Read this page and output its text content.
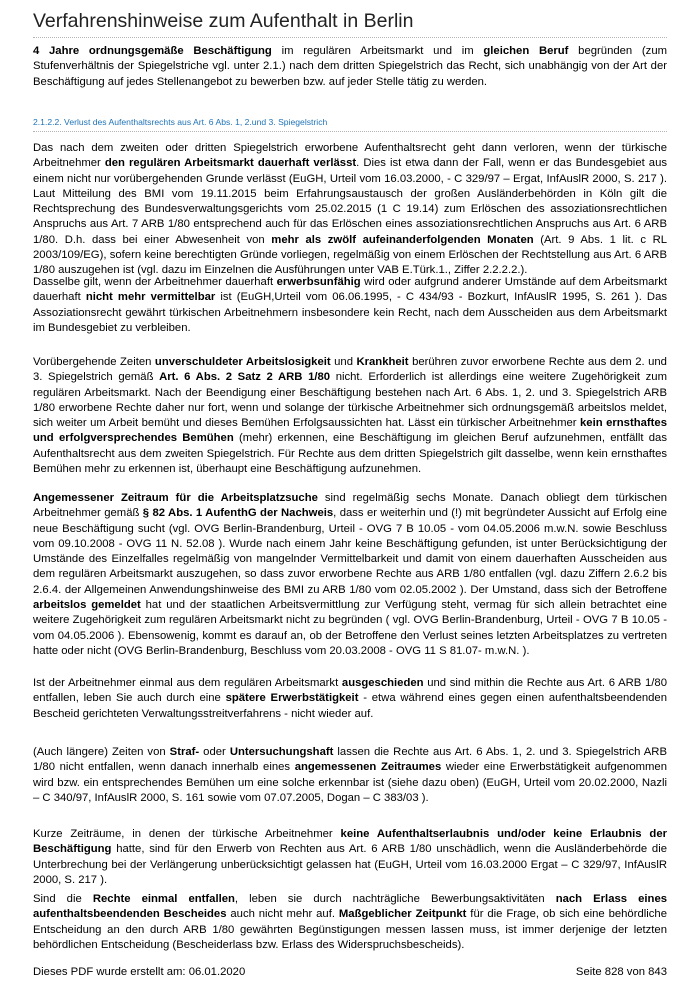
Verfahrenshinweise zum Aufenthalt in Berlin

4 Jahre ordnungsgemäße Beschäftigung im regulären Arbeitsmarkt und im gleichen Beruf begründen (zum Stufenverhältnis der Spiegelstriche vgl. unter 2.1.) nach dem dritten Spiegelstrich das Recht, sich unabhängig von der Art der Beschäftigung auf jedes Stellenangebot zu bewerben bzw. auf jeder Stelle tätig zu werden.

2.1.2.2. Verlust des Aufenthaltsrechts aus Art. 6 Abs. 1, 2.und 3. Spiegelstrich

Das nach dem zweiten oder dritten Spiegelstrich erworbene Aufenthaltsrecht geht dann verloren, wenn der türkische Arbeitnehmer den regulären Arbeitsmarkt dauerhaft verlässt. Dies ist etwa dann der Fall, wenn er das Bundesgebiet aus einem nicht nur vorübergehenden Grunde verlässt (EuGH, Urteil vom 16.03.2000, - C 329/97 – Ergat, InfAuslR 2000, S. 217 ). Laut Mitteilung des BMI vom 19.11.2015 beim Erfahrungsaustausch der großen Ausländerbehörden in Köln gilt die Rechtsprechung des Bundesverwaltungsgerichts vom 25.02.2015 (1 C 19.14) zum Erlöschen des assoziationsrechtlichen Anspruchs aus Art. 7 ARB 1/80 entsprechend auch für das Erlöschen eines assoziationsrechtlichen Anspruchs aus Art. 6 ARB 1/80. D.h. dass bei einer Abwesenheit von mehr als zwölf aufeinanderfolgenden Monaten (Art. 9 Abs. 1 lit. c RL 2003/109/EG), sofern keine berechtigten Gründe vorliegen, regelmäßig von einem Erlöschen der Rechtstellung aus Art. 6 ARB 1/80 auszugehen ist (vgl. dazu im Einzelnen die Ausführungen unter VAB E.Türk.1., Ziffer 2.2.2.2.).

Dasselbe gilt, wenn der Arbeitnehmer dauerhaft erwerbsunfähig wird oder aufgrund anderer Umstände auf dem Arbeitsmarkt dauerhaft nicht mehr vermittelbar ist (EuGH,Urteil vom 06.06.1995, - C 434/93 - Bozkurt, InfAuslR 1995, S. 261 ). Das Assoziationsrecht gewährt türkischen Arbeitnehmern insbesondere kein Recht, nach dem Ausscheiden aus dem Arbeitsmarkt im Bundesgebiet zu verbleiben.

Vorübergehende Zeiten unverschuldeter Arbeitslosigkeit und Krankheit berühren zuvor erworbene Rechte aus dem 2. und 3. Spiegelstrich gemäß Art. 6 Abs. 2 Satz 2 ARB 1/80 nicht. Erforderlich ist allerdings eine weitere Zugehörigkeit zum regulären Arbeitsmarkt. Nach der Beendigung einer Beschäftigung bestehen nach Art. 6 Abs. 1, 2. und 3. Spiegelstrich ARB 1/80 erworbene Rechte daher nur fort, wenn und solange der türkische Arbeitnehmer sich ordnungsgemäß arbeitslos meldet, sich weiter um Arbeit bemüht und dieses Bemühen Erfolgsaussichten hat. Lässt ein türkischer Arbeitnehmer kein ernsthaftes und erfolgversprechendes Bemühen (mehr) erkennen, eine Beschäftigung im gleichen Beruf aufzunehmen, entfällt das Aufenthaltsrecht aus dem zweiten Spiegelstrich. Für Rechte aus dem dritten Spiegelstrich gilt dasselbe, wenn kein ernsthaftes Bemühen mehr zu erkennen ist, überhaupt eine Beschäftigung aufzunehmen.

Angemessener Zeitraum für die Arbeitsplatzsuche sind regelmäßig sechs Monate. Danach obliegt dem türkischen Arbeitnehmer gemäß § 82 Abs. 1 AufenthG der Nachweis, dass er weiterhin und (!) mit begründeter Aussicht auf Erfolg eine neue Beschäftigung sucht (vgl. OVG Berlin-Brandenburg, Urteil - OVG 7 B 10.05 - vom 04.05.2006 m.w.N. sowie Beschluss vom 09.10.2008 - OVG 11 N. 52.08 ). Wurde nach einem Jahr keine Beschäftigung gefunden, ist unter Berücksichtigung der Umstände des Einzelfalles regelmäßig von mangelnder Vermittelbarkeit und damit von einem dauerhaften Ausscheiden aus dem regulären Arbeitsmarkt auszugehen, so dass zuvor erworbene Rechte aus ARB 1/80 entfallen (vgl. dazu Ziffern 2.6.2 bis 2.6.4. der Allgemeinen Anwendungshinweise des BMI zu ARB 1/80 vom 02.05.2002 ). Der Umstand, dass sich der Betroffene arbeitslos gemeldet hat und der staatlichen Arbeitsvermittlung zur Verfügung steht, vermag für sich allein betrachtet eine weitere Zugehörigkeit zum regulären Arbeitsmarkt nicht zu begründen ( vgl. OVG Berlin-Brandenburg, Urteil - OVG 7 B 10.05 - vom 04.05.2006 ). Ebensowenig, kommt es darauf an, ob der Betroffene den Verlust seines letzten Arbeitsplatzes zu vertreten hatte oder nicht (OVG Berlin-Brandenburg, Beschluss vom 20.03.2008 - OVG 11 S 81.07- m.w.N. ).

Ist der Arbeitnehmer einmal aus dem regulären Arbeitsmarkt ausgeschieden und sind mithin die Rechte aus Art. 6 ARB 1/80 entfallen, leben Sie auch durch eine spätere Erwerbstätigkeit - etwa während eines gegen einen aufenthaltsbeendenden Bescheid gerichteten Verwaltungsstreitverfahrens - nicht wieder auf.

(Auch längere) Zeiten von Straf- oder Untersuchungshaft lassen die Rechte aus Art. 6 Abs. 1, 2. und 3. Spiegelstrich ARB 1/80 nicht entfallen, wenn danach innerhalb eines angemessenen Zeitraumes wieder eine Erwerbstätigkeit aufgenommen wird bzw. ein entsprechendes Bemühen um eine solche erkennbar ist (siehe dazu oben) (EuGH, Urteil vom 20.02.2000, Nazli – C 340/97, InfAuslR 2000, S. 161 sowie vom 07.07.2005, Dogan – C 383/03 ).

Kurze Zeiträume, in denen der türkische Arbeitnehmer keine Aufenthaltserlaubnis und/oder keine Erlaubnis der Beschäftigung hatte, sind für den Erwerb von Rechten aus Art. 6 ARB 1/80 unschädlich, wenn die Ausländerbehörde die Unterbrechung bei der Verlängerung unberücksichtigt gelassen hat (EuGH, Urteil vom 16.03.2000 Ergat – C 329/97, InfAuslR 2000, S. 217 ).

Sind die Rechte einmal entfallen, leben sie durch nachträgliche Bewerbungsaktivitäten nach Erlass eines aufenthaltsbeendenden Bescheides auch nicht mehr auf. Maßgeblicher Zeitpunkt für die Frage, ob sich eine behördliche Entscheidung an den durch ARB 1/80 gewährten Begünstigungen messen lassen muss, ist immer derjenige der letzten behördlichen Entscheidung (Bescheiderlass bzw. Erlass des Widerspruchsbescheids).

Dieses PDF wurde erstellt am: 06.01.2020	Seite 828 von 843
